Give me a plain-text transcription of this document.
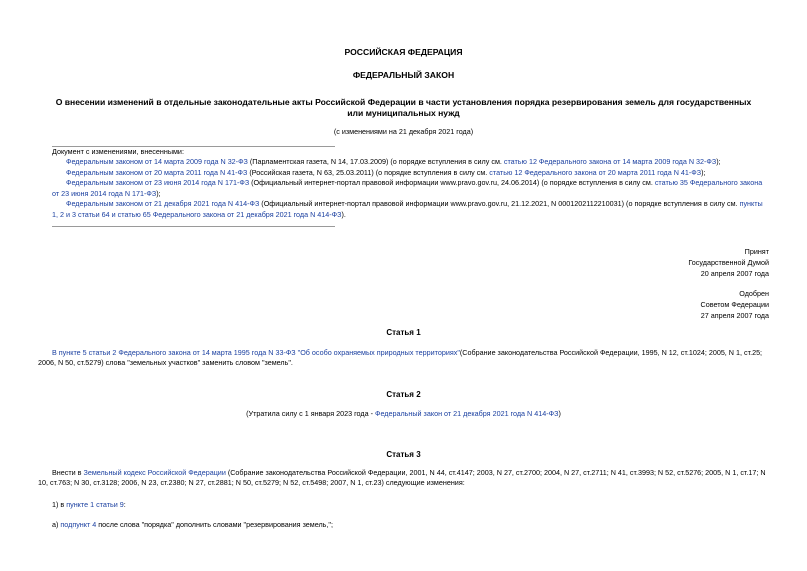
РОССИЙСКАЯ ФЕДЕРАЦИЯ
ФЕДЕРАЛЬНЫЙ ЗАКОН
О внесении изменений в отдельные законодательные акты Российской Федерации в части установления порядка резервирования земель для государственных
или муниципальных нужд
(с изменениями на 21 декабря 2021 года)

Документ с изменениями, внесенными:

Федеральным законом от 14 марта 2009 года N 32-ФЗ (Парламентская газета, N 14, 17.03.2009) (о порядке вступления в силу см. статью 12 Федерального закона от 14 марта 2009 года N 32-ФЗ);

Федеральным законом от 20 марта 2011 года N 41-ФЗ (Российская газета, N 63, 25.03.2011) (о порядке вступления в силу см. статью 12 Федерального закона от 20 марта 2011 года N 41-ФЗ);

Федеральным законом от 23 июня 2014 года N 171-ФЗ (Официальный интернет-портал правовой информации www.pravo.gov.ru, 24.06.2014) (о порядке вступления в силу см. статью 35 Федерального закона от 23 июня 2014 года N 171-ФЗ);

Федеральным законом от 21 декабря 2021 года N 414-ФЗ (Официальный интернет-портал правовой информации www.pravo.gov.ru, 21.12.2021, N 0001202112210031) (о порядке вступления в силу см. пункты 1, 2 и 3 статьи 64 и статью 65 Федерального закона от 21 декабря 2021 года N 414-ФЗ).

Принят
Государственной Думой
20 апреля 2007 года
Одобрен
Советом Федерации
27 апреля 2007 года
Статья 1

В пункте 5 статьи 2 Федерального закона от 14 марта 1995 года N 33-ФЗ "Об особо охраняемых природных территориях"(Собрание законодательства Российской Федерации, 1995, N 12, ст.1024; 2005, N 1, ст.25; 2006, N 50, ст.5279) слова "земельных участков" заменить словом "земель".

Статья 2

(Утратила силу с 1 января 2023 года - Федеральный закон от 21 декабря 2021 года N 414-ФЗ)

Статья 3

Внести в Земельный кодекс Российской Федерации (Собрание законодательства Российской Федерации, 2001, N 44, ст.4147; 2003, N 27, ст.2700; 2004, N 27, ст.2711; N 41, ст.3993; N 52, ст.5276; 2005, N 1, ст.17; N 10, ст.763; N 30, ст.3128; 2006, N 23, ст.2380; N 27, ст.2881; N 50, ст.5279; N 52, ст.5498; 2007, N 1, ст.23) следующие изменения:

1) в пункте 1 статьи 9:

а) подпункт 4 после слова "порядка" дополнить словами "резервирования земель,";
